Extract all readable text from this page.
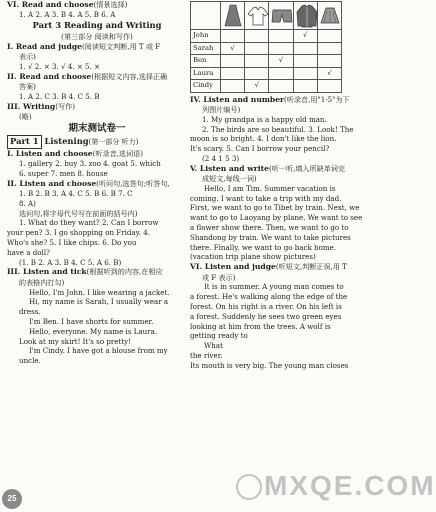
VI. Read and choose(情景选择)

1. A 2. A 3. B 4. A 5. B 6. A

Part 3 Reading and Writing

(第三部分 阅读和写作)

I. Read and judge(阅读短文判断,用 T 或 F

表示)

1. √ 2. × 3. √ 4. × 5. ×

II. Read and choose(根据短文内容,选择正确

答案)

1. A 2. C 3. B 4. C 5. B

III. Writing(写作)

(略)

期末测试卷一

Part 1 Listening(第一部分 听力)

I. Listen and choose(听录音,选词语)

1. gallery 2. buy 3. zoo 4. goat 5. which

6. super 7. men 8. house

II. Listen and choose(听问句,选答句;听答句,

1. B 2. B 3. A 4. C 5. B 6. B 7. C

8. A)

选问句,将字母代号写在前面的括号内)

1. What do they want? 2. Can I borrow

your pen? 3. I go shopping on Friday. 4.

Who's she? 5. I like chips. 6. Do you

have a doll?

(1. B 2. A 3. B 4. C 5. A 6. B)

III. Listen and tick(根据听到的内容,在相应

的表格内打勾)

Hello, I'm John. I like wearing a jacket.

Hi, my name is Sarah, I usually wear a

dress.

I'm Ben. I have shorts for summer.

Hello, everyone. My name is Laura.

Look at my skirt! It's so pretty!

I'm Cindy. I have got a blouse from my

uncle.

John				√	
Sarah	√				
Ben			√		
Laura					√
Cindy		√			

IV. Listen and number(听录音,用"1-5"为下

列图片编号)

1. My grandpa is a happy old man.

2. The birds are so beautiful. 3. Look! The

moon is so bright. 4. I don't like the lion.

It's scary. 5. Can I borrow your pencil?

(2 4 1 5 3)

V. Listen and write(听一听,填入所缺单词完

成短文,每线一词)

Hello, I am Tim. Summer vacation is

coming. I want to take a trip with my dad.

First, we want to go to Tibet by train. Next, we

want to go to Laoyang by plane. We want to see

a flower show there. Then, we want to go to

Shandong by train. We want to take pictures

there. Finally, we want to go back home.

(vacation trip plane show pictures)

VI. Listen and judge(听短文,判断正误,用 T

或 F 表示)

It is in summer. A young man comes to

a forest. He's walking along the edge of the

forest. On his right is a river. On his left is

a forest. Suddenly he sees two green eyes

looking at him from the trees. A wolf is

getting ready to

What

the river.

Its mouth is very big. The young man closes

25	MXQE.COM
